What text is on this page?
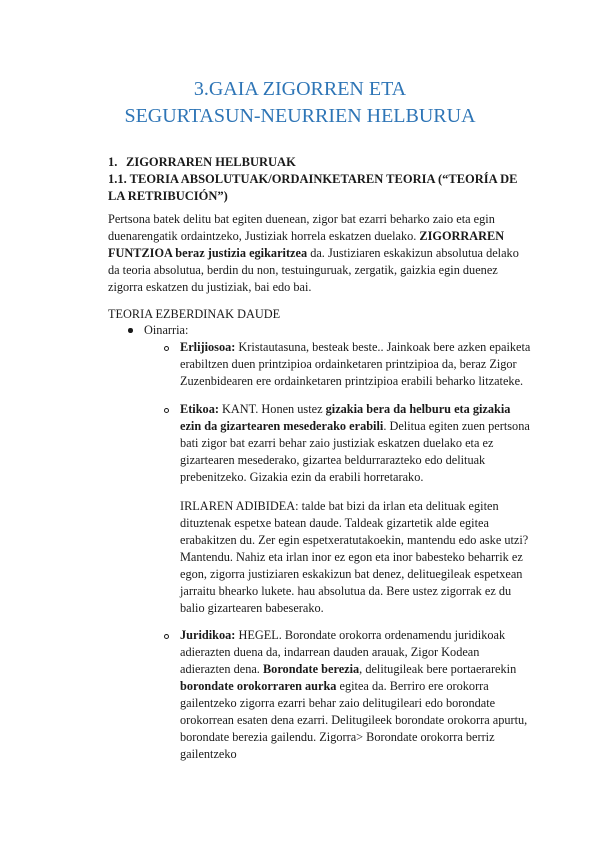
3.GAIA ZIGORREN ETA
SEGURTASUN-NEURRIEN HELBURUA
1. ZIGORRAREN HELBURUAK
1.1. TEORIA ABSOLUTUAK/ORDAINKETAREN TEORIA (“TEORÍA DE
LA RETRIBUCIÓN”)
Pertsona batek delitu bat egiten duenean, zigor bat ezarri beharko zaio eta egin
duenarengatik ordaintzeko, Justiziak horrela eskatzen duelako. ZIGORRAREN
FUNTZIOA beraz justizia egikaritzea da. Justiziaren eskakizun absolutua delako
da teoria absolutua, berdin du non, testuinguruak, zergatik, gaizkia egin duenez
zigorra eskatzen du justiziak, bai edo bai.
TEORIA EZBERDINAK DAUDE
Oinarria:
Erlijiosoa: Kristautasuna, besteak beste.. Jainkoak bere azken epaiketa
erabiltzen duen printzipioa ordainketaren printzipioa da, beraz Zigor
Zuzenbidearen ere ordainketaren printzipioa erabili beharko litzateke.
Etikoa: KANT. Honen ustez gizakia bera da helburu eta gizakia
ezin da gizartearen mesederako erabili. Delitua egiten zuen pertsona
bati zigor bat ezarri behar zaio justiziak eskatzen duelako eta ez
gizartearen mesederako, gizartea beldurrarazteko edo delituak
prebenitzeko. Gizakia ezin da erabili horretarako.
IRLAREN ADIBIDEA: talde bat bizi da irlan eta delituak egiten
dituztenak espetxe batean daude. Taldeak gizartetik alde egitea
erabakitzen du. Zer egin espetxeratutakoekin, mantendu edo aske utzi?
Mantendu. Nahiz eta irlan inor ez egon eta inor babesteko beharrik ez
egon, zigorra justiziaren eskakizun bat denez, delituegileak espetxean
jarraitu bhearko lukete. hau absolutua da. Bere ustez zigorrak ez du
balio gizartearen babeserako.
Juridikoa: HEGEL. Borondate orokorra ordenamendu juridikoak
adierazten duena da, indarrean dauden arauak, Zigor Kodean
adierazten dena. Borondate berezia, delitugileak bere portaerarekin
borondate orokorraren aurka egitea da. Berriro ere orokorra
gailentzeko zigorra ezarri behar zaio delitugileari edo borondate
orokorrean esaten dena ezarri. Delitugileek borondate orokorra apurtu,
borondate berezia gailendu. Zigorra> Borondate orokorra berriz
gailentzeko
